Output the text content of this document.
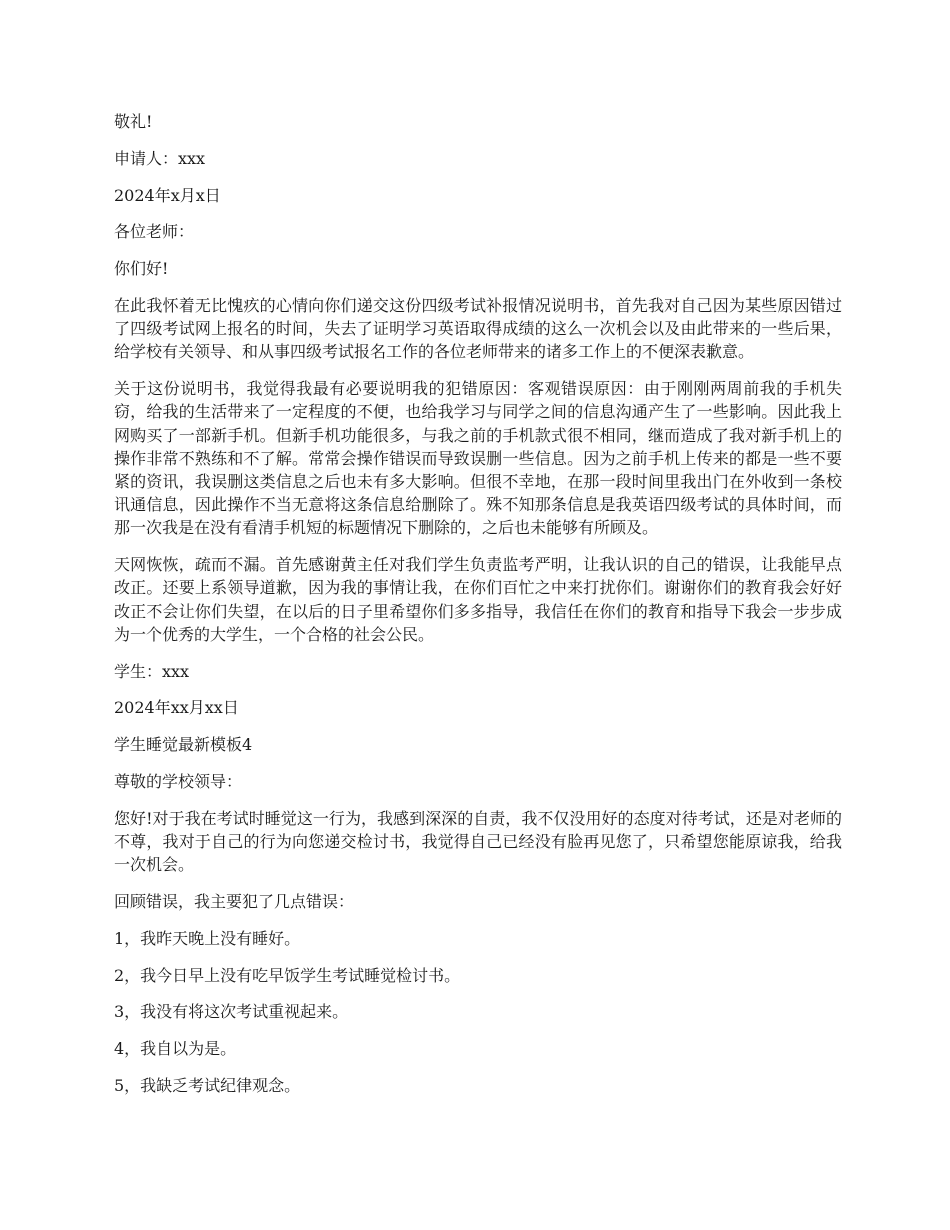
敬礼!

申请人：xxx

2024年x月x日

各位老师：

你们好!

在此我怀着无比愧疚的心情向你们递交这份四级考试补报情况说明书，首先我对自己因为某些原因错过了四级考试网上报名的时间，失去了证明学习英语取得成绩的这么一次机会以及由此带来的一些后果，给学校有关领导、和从事四级考试报名工作的各位老师带来的诸多工作上的不便深表歉意。

关于这份说明书，我觉得我最有必要说明我的犯错原因：客观错误原因：由于刚刚两周前我的手机失窃，给我的生活带来了一定程度的不便，也给我学习与同学之间的信息沟通产生了一些影响。因此我上网购买了一部新手机。但新手机功能很多，与我之前的手机款式很不相同，继而造成了我对新手机上的操作非常不熟练和不了解。常常会操作错误而导致误删一些信息。因为之前手机上传来的都是一些不要紧的资讯，我误删这类信息之后也未有多大影响。但很不幸地，在那一段时间里我出门在外收到一条校讯通信息，因此操作不当无意将这条信息给删除了。殊不知那条信息是我英语四级考试的具体时间，而那一次我是在没有看清手机短的标题情况下删除的，之后也未能够有所顾及。

天网恢恢，疏而不漏。首先感谢黄主任对我们学生负责监考严明，让我认识的自己的错误，让我能早点改正。还要上系领导道歉，因为我的事情让我，在你们百忙之中来打扰你们。谢谢你们的教育我会好好改正不会让你们失望，在以后的日子里希望你们多多指导，我信任在你们的教育和指导下我会一步步成为一个优秀的大学生，一个合格的社会公民。

学生：xxx

2024年xx月xx日

学生睡觉最新模板4

尊敬的学校领导：

您好!对于我在考试时睡觉这一行为，我感到深深的自责，我不仅没用好的态度对待考试，还是对老师的不尊，我对于自己的行为向您递交检讨书，我觉得自己已经没有脸再见您了，只希望您能原谅我，给我一次机会。

回顾错误，我主要犯了几点错误：

1，我昨天晚上没有睡好。

2，我今日早上没有吃早饭学生考试睡觉检讨书。

3，我没有将这次考试重视起来。

4，我自以为是。

5，我缺乏考试纪律观念。
